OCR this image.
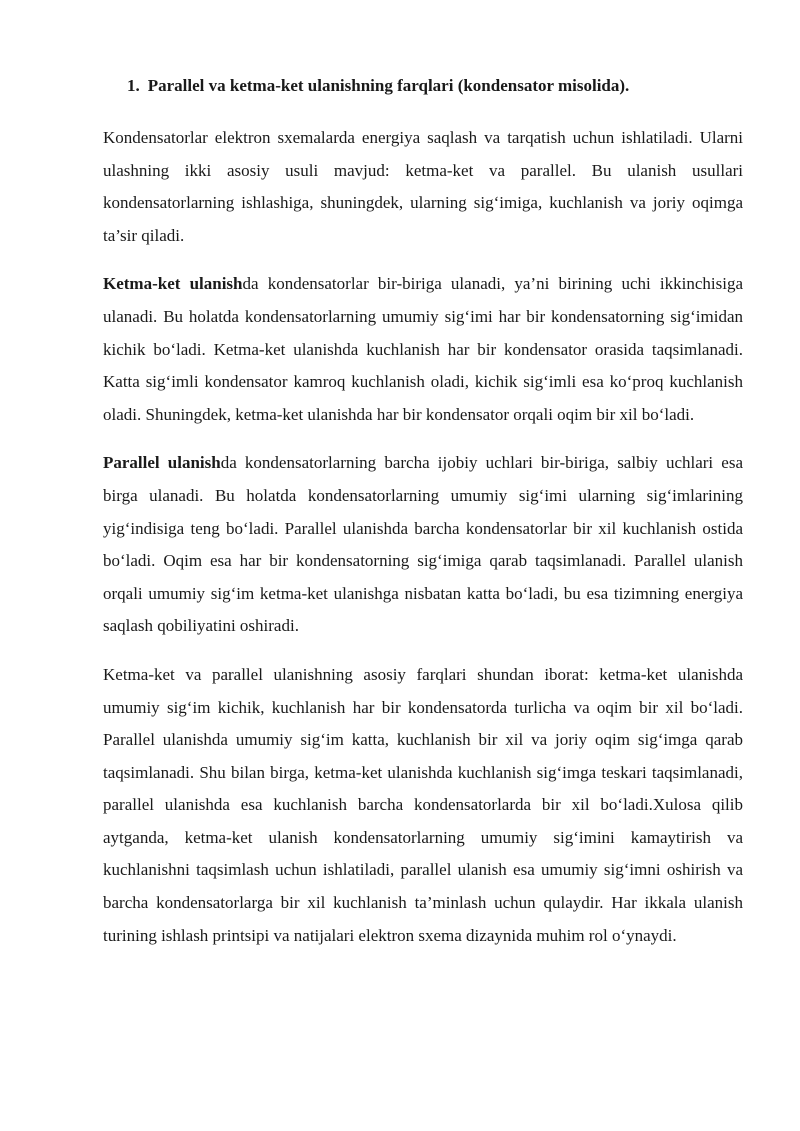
1. Parallel va ketma-ket ulanishning farqlari (kondensator misolida).

Kondensatorlar elektron sxemalarda energiya saqlash va tarqatish uchun ishlatiladi. Ularni ulashning ikki asosiy usuli mavjud: ketma-ket va parallel. Bu ulanish usullari kondensatorlarning ishlashiga, shuningdek, ularning sig‘imiga, kuchlanish va joriy oqimga ta’sir qiladi.

Ketma-ket ulanishda kondensatorlar bir-biriga ulanadi, ya’ni birining uchi ikkinchisiga ulanadi. Bu holatda kondensatorlarning umumiy sig‘imi har bir kondensatorning sig‘imidan kichik bo‘ladi. Ketma-ket ulanishda kuchlanish har bir kondensator orasida taqsimlanadi. Katta sig‘imli kondensator kamroq kuchlanish oladi, kichik sig‘imli esa ko‘proq kuchlanish oladi. Shuningdek, ketma-ket ulanishda har bir kondensator orqali oqim bir xil bo‘ladi.

Parallel ulanishda kondensatorlarning barcha ijobiy uchlari bir-biriga, salbiy uchlari esa birga ulanadi. Bu holatda kondensatorlarning umumiy sig‘imi ularning sig‘imlarining yig‘indisiga teng bo‘ladi. Parallel ulanishda barcha kondensatorlar bir xil kuchlanish ostida bo‘ladi. Oqim esa har bir kondensatorning sig‘imiga qarab taqsimlanadi. Parallel ulanish orqali umumiy sig‘im ketma-ket ulanishga nisbatan katta bo‘ladi, bu esa tizimning energiya saqlash qobiliyatini oshiradi.

Ketma-ket va parallel ulanishning asosiy farqlari shundan iborat: ketma-ket ulanishda umumiy sig‘im kichik, kuchlanish har bir kondensatorda turlicha va oqim bir xil bo‘ladi. Parallel ulanishda umumiy sig‘im katta, kuchlanish bir xil va joriy oqim sig‘imga qarab taqsimlanadi. Shu bilan birga, ketma-ket ulanishda kuchlanish sig‘imga teskari taqsimlanadi, parallel ulanishda esa kuchlanish barcha kondensatorlarda bir xil bo‘ladi.Xulosa qilib aytganda, ketma-ket ulanish kondensatorlarning umumiy sig‘imini kamaytirish va kuchlanishni taqsimlash uchun ishlatiladi, parallel ulanish esa umumiy sig‘imni oshirish va barcha kondensatorlarga bir xil kuchlanish ta’minlash uchun qulaydir. Har ikkala ulanish turining ishlash printsipi va natijalari elektron sxema dizaynida muhim rol o‘ynaydi.
